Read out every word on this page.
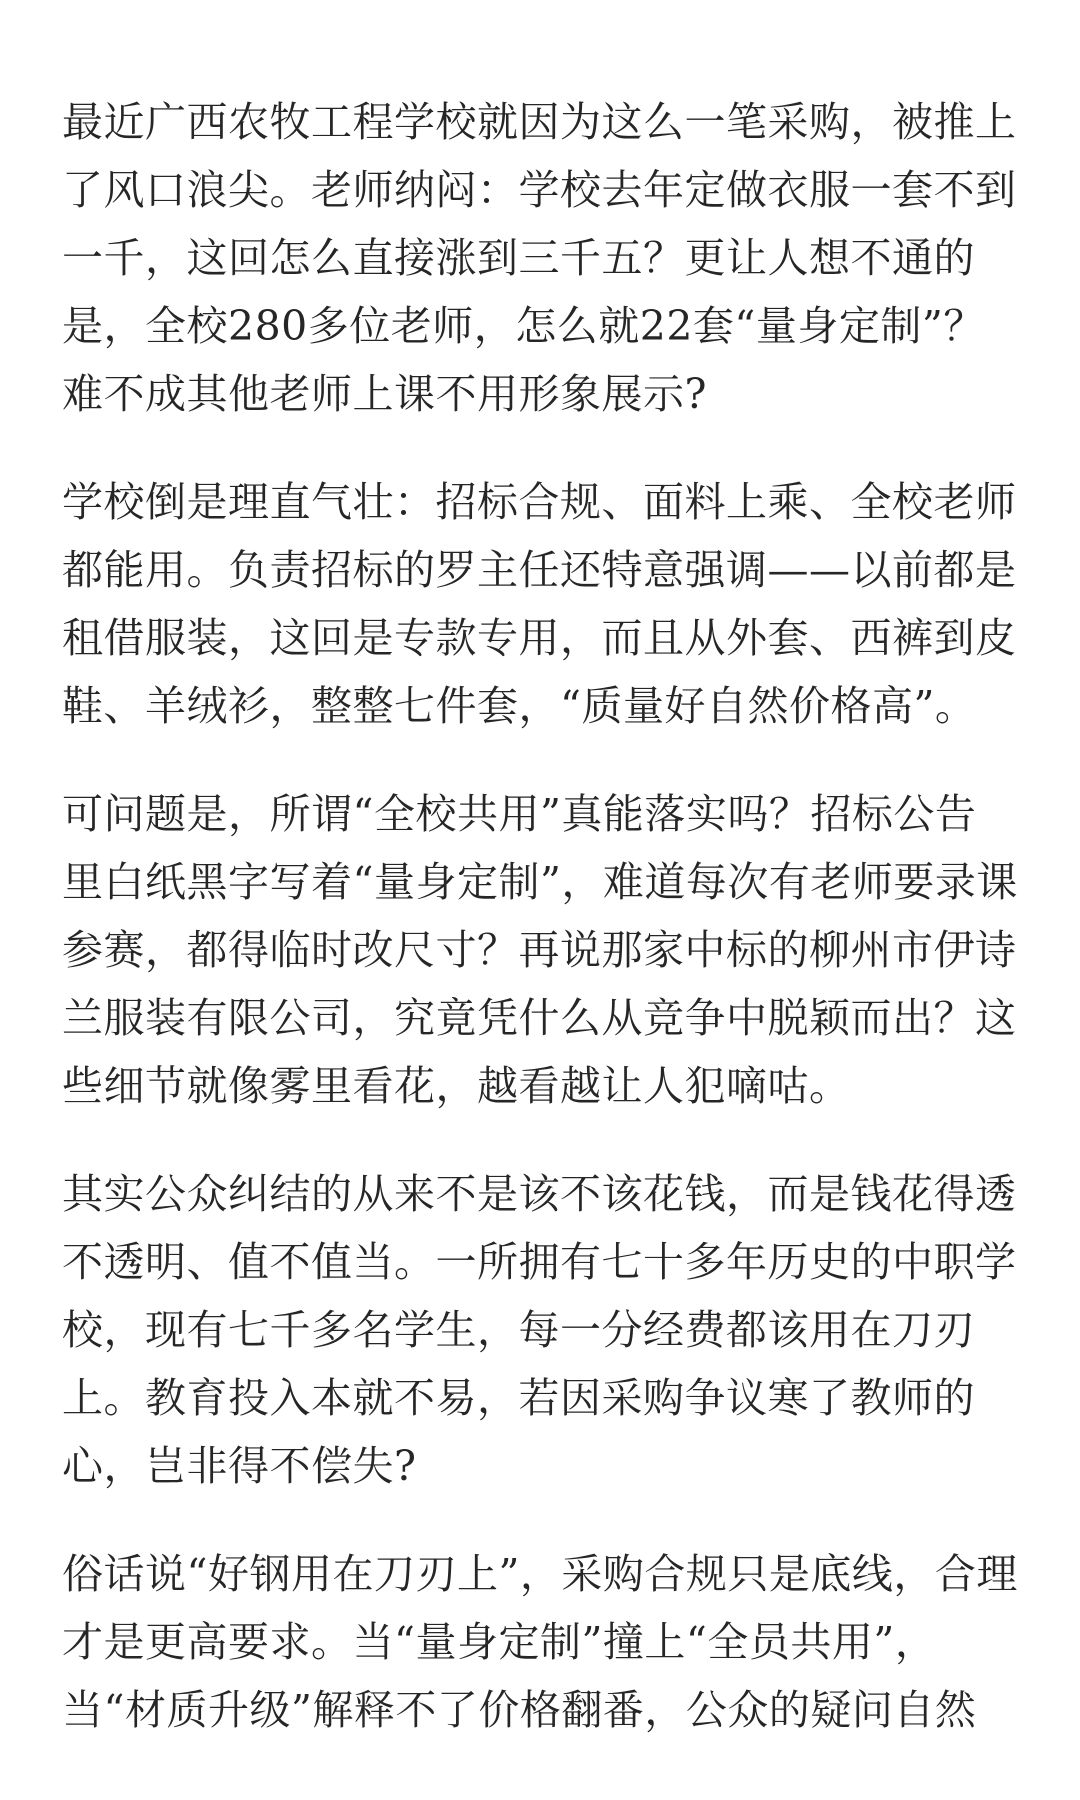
最近广西农牧工程学校就因为这么一笔采购，被推上
了风口浪尖。老师纳闷：学校去年定做衣服一套不到
一千，这回怎么直接涨到三千五？更让人想不通的
是，全校280多位老师，怎么就22套“量身定制”？
难不成其他老师上课不用形象展示?

学校倒是理直气壮：招标合规、面料上乘、全校老师
都能用。负责招标的罗主任还特意强调——以前都是
租借服装，这回是专款专用，而且从外套、西裤到皮
鞋、羊绒衫，整整七件套，“质量好自然价格高”。

可问题是，所谓“全校共用”真能落实吗？招标公告
里白纸黑字写着“量身定制”，难道每次有老师要录课
参赛，都得临时改尺寸？再说那家中标的柳州市伊诗
兰服装有限公司，究竟凭什么从竞争中脱颖而出？这
些细节就像雾里看花，越看越让人犯嘀咕。

其实公众纠结的从来不是该不该花钱，而是钱花得透
不透明、值不值当。一所拥有七十多年历史的中职学
校，现有七千多名学生，每一分经费都该用在刀刃
上。教育投入本就不易，若因采购争议寒了教师的
心，岂非得不偿失?

俗话说“好钢用在刀刃上”，采购合规只是底线，合理
才是更高要求。当“量身定制”撞上“全员共用”，
当“材质升级”解释不了价格翻番，公众的疑问自然
